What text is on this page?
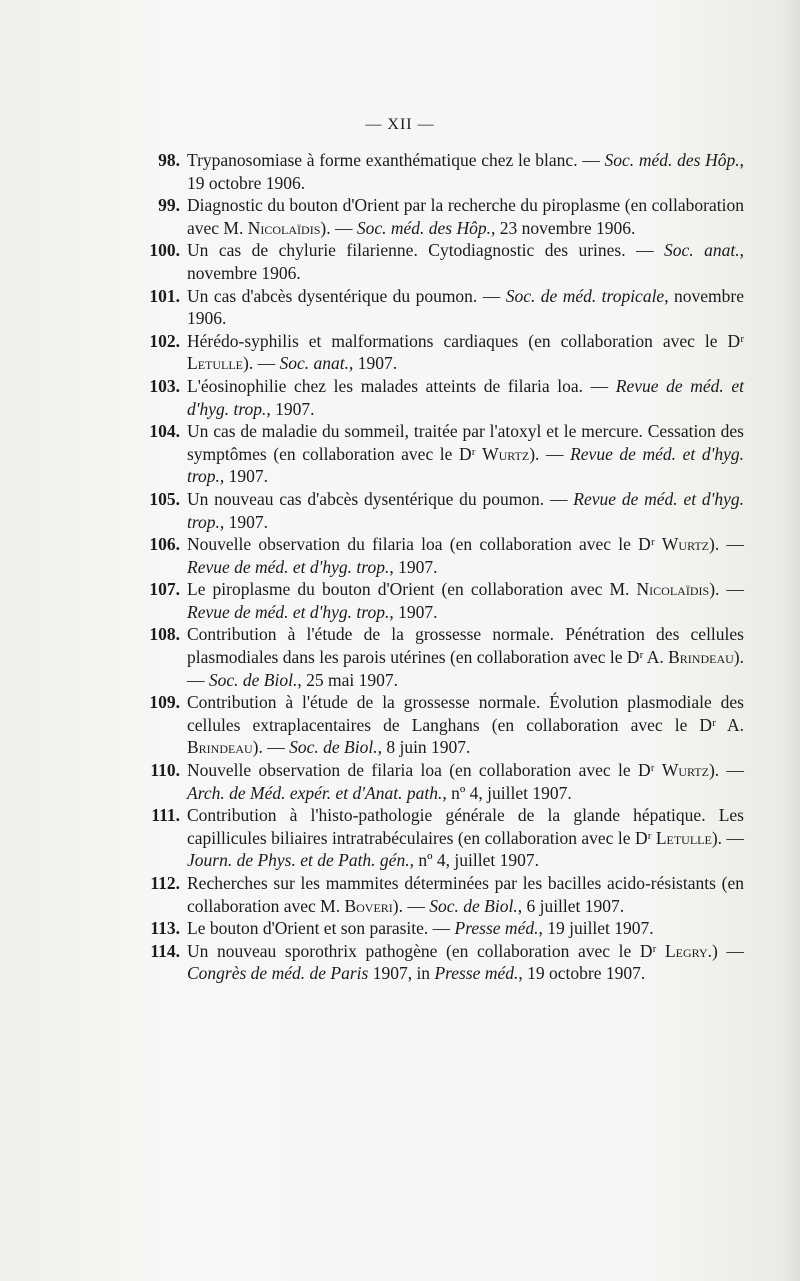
— XII —
98. Trypanosomiase à forme exanthématique chez le blanc. — Soc. méd. des Hôp., 19 octobre 1906.
99. Diagnostic du bouton d'Orient par la recherche du piroplasme (en collaboration avec M. Nicolaïdis). — Soc. méd. des Hôp., 23 novembre 1906.
100. Un cas de chylurie filarienne. Cytodiagnostic des urines. — Soc. anat., novembre 1906.
101. Un cas d'abcès dysentérique du poumon. — Soc. de méd. tropicale, novembre 1906.
102. Hérédo-syphilis et malformations cardiaques (en collaboration avec le Dʳ Letulle). — Soc. anat., 1907.
103. L'éosinophilie chez les malades atteints de filaria loa. — Revue de méd. et d'hyg. trop., 1907.
104. Un cas de maladie du sommeil, traitée par l'atoxyl et le mercure. Cessation des symptômes (en collaboration avec le Dʳ Wurtz). — Revue de méd. et d'hyg. trop., 1907.
105. Un nouveau cas d'abcès dysentérique du poumon. — Revue de méd. et d'hyg. trop., 1907.
106. Nouvelle observation du filaria loa (en collaboration avec le Dʳ Wurtz). — Revue de méd. et d'hyg. trop., 1907.
107. Le piroplasme du bouton d'Orient (en collaboration avec M. Nicolaïdis). — Revue de méd. et d'hyg. trop., 1907.
108. Contribution à l'étude de la grossesse normale. Pénétration des cellules plasmodiales dans les parois utérines (en collaboration avec le Dʳ A. Brindeau). — Soc. de Biol., 25 mai 1907.
109. Contribution à l'étude de la grossesse normale. Évolution plasmodiale des cellules extraplacentaires de Langhans (en collaboration avec le Dʳ A. Brindeau). — Soc. de Biol., 8 juin 1907.
110. Nouvelle observation de filaria loa (en collaboration avec le Dʳ Wurtz). — Arch. de Méd. expér. et d'Anat. path., nº 4, juillet 1907.
111. Contribution à l'histo-pathologie générale de la glande hépatique. Les capillicules biliaires intratrabéculaires (en collaboration avec le Dʳ Letulle). — Journ. de Phys. et de Path. gén., nº 4, juillet 1907.
112. Recherches sur les mammites déterminées par les bacilles acido-résistants (en collaboration avec M. Boveri). — Soc. de Biol., 6 juillet 1907.
113. Le bouton d'Orient et son parasite. — Presse méd., 19 juillet 1907.
114. Un nouveau sporothrix pathogène (en collaboration avec le Dʳ Legry.) — Congrès de méd. de Paris 1907, in Presse méd., 19 octobre 1907.
